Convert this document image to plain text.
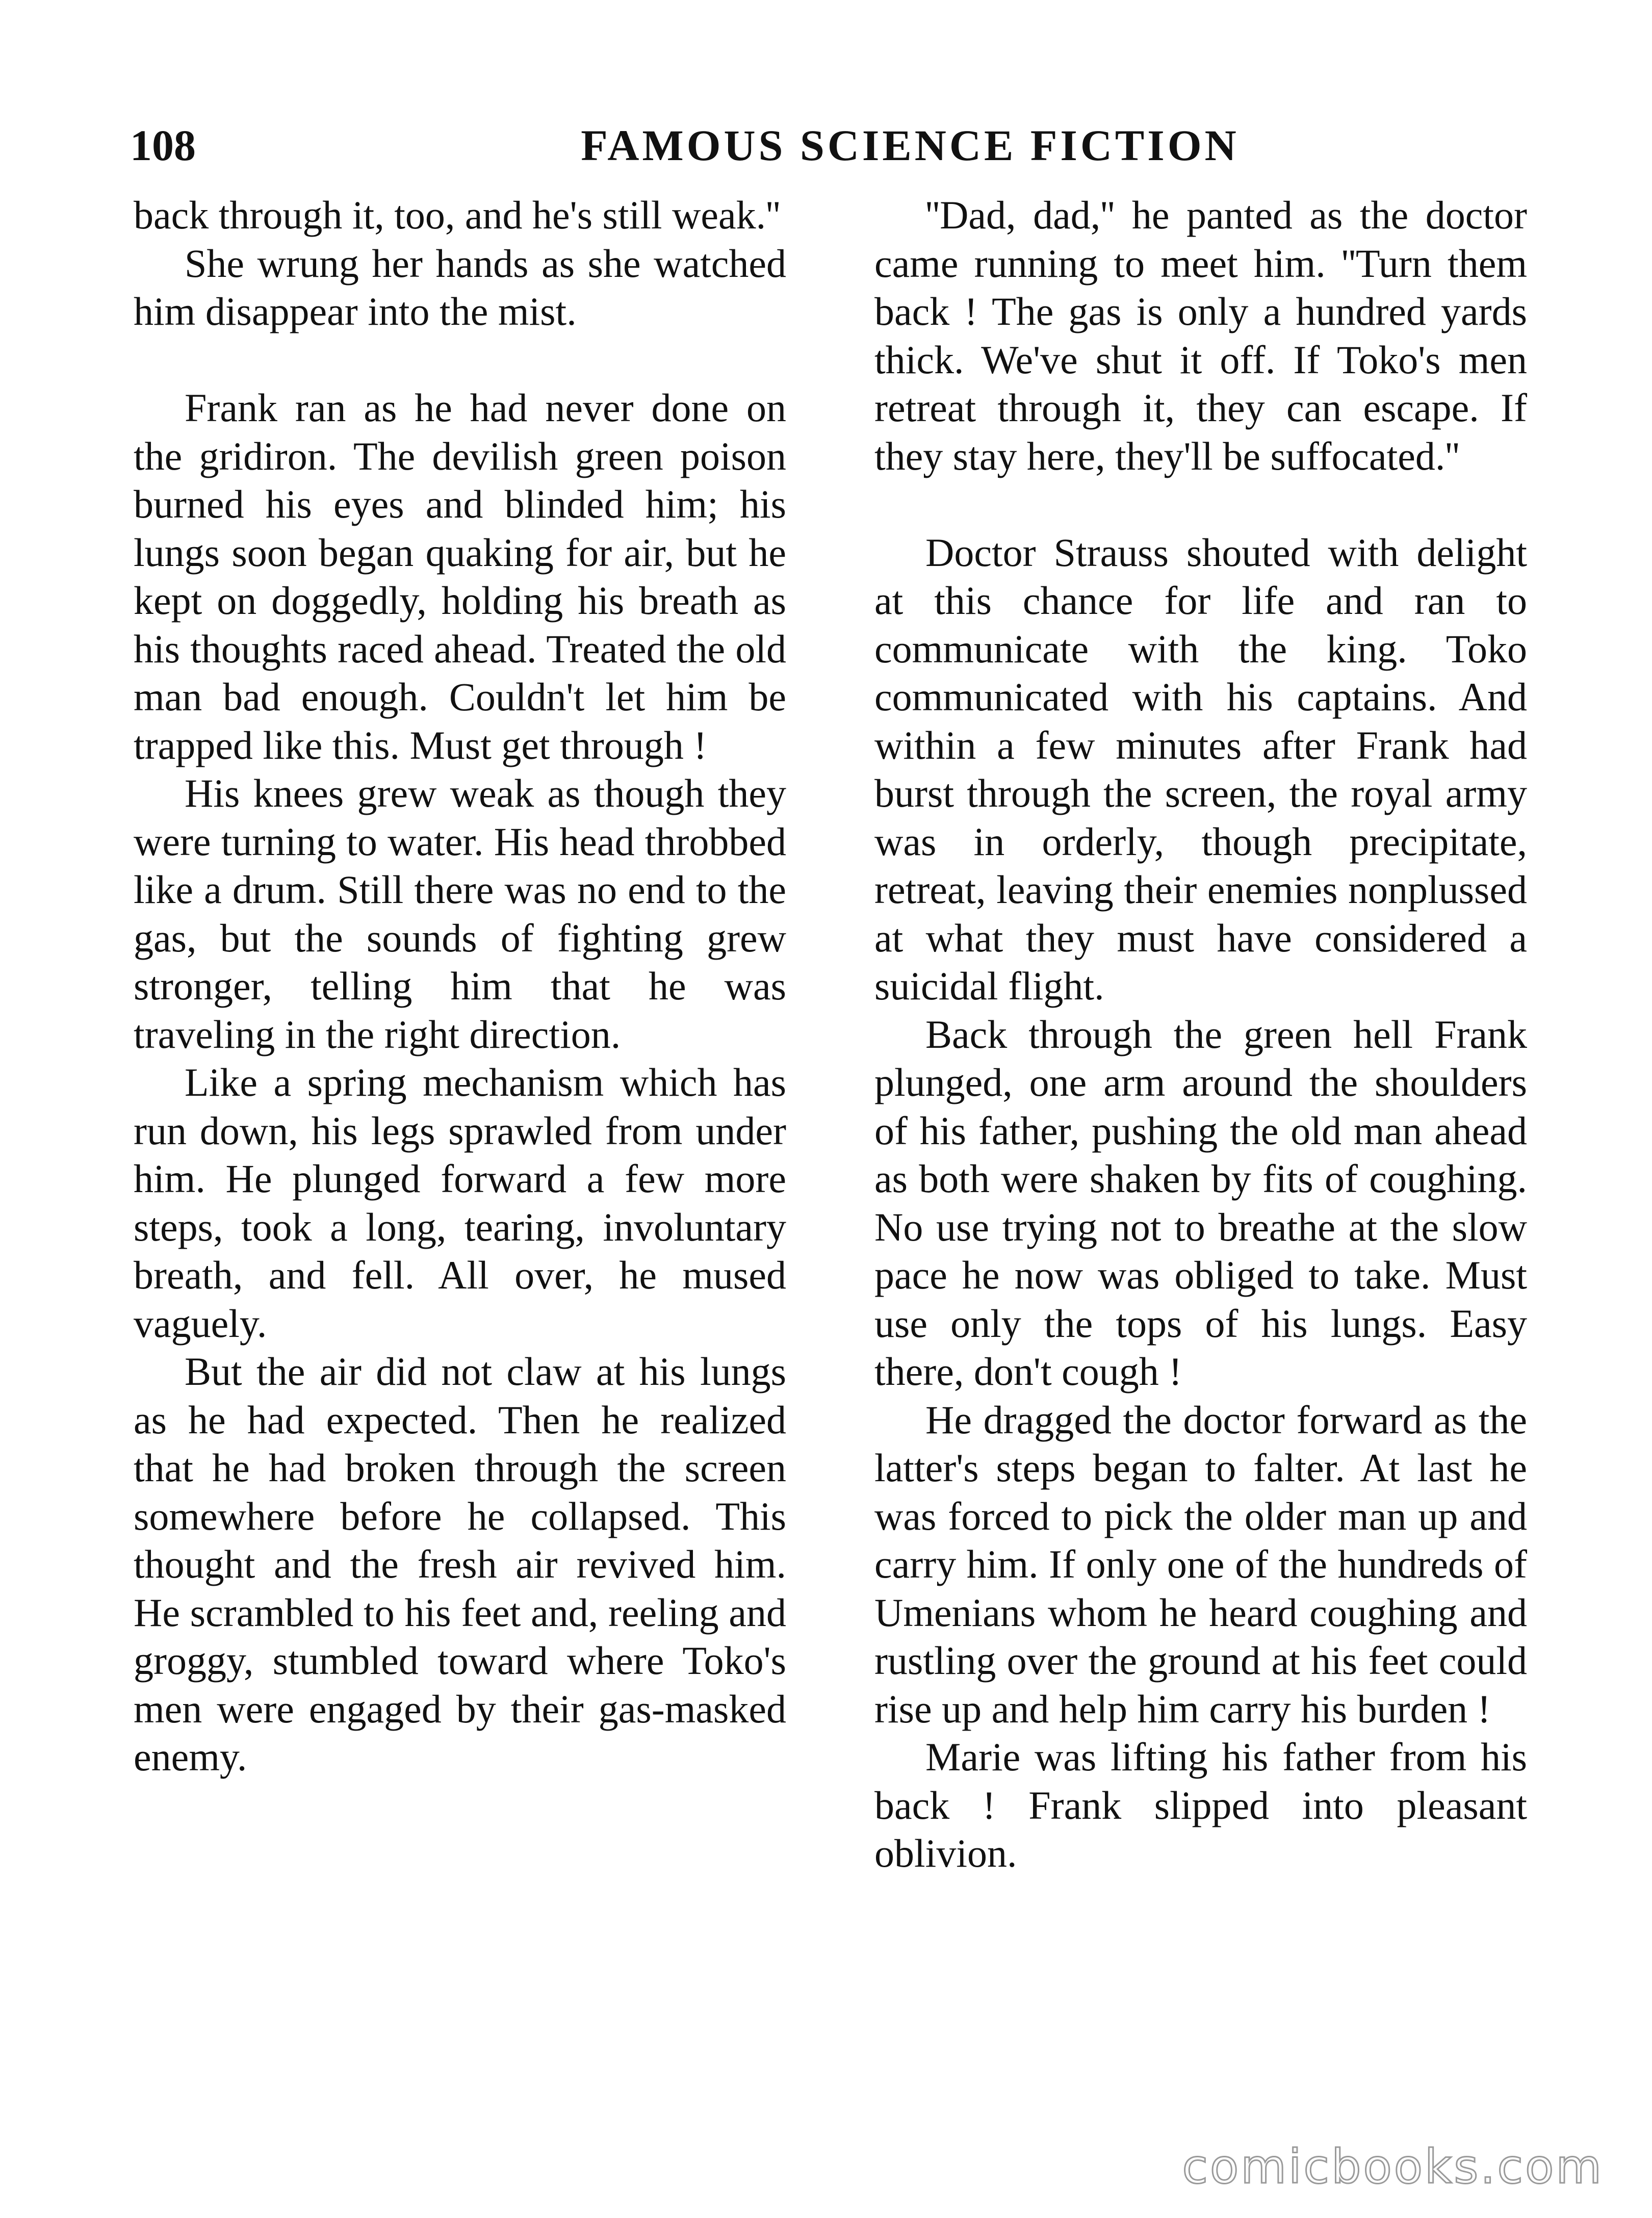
108	FAMOUS SCIENCE FICTION

back through it, too, and he's still weak.''

She wrung her hands as she watched him disappear into the mist.

Frank ran as he had never done on the gridiron. The devilish green poison burned his eyes and blinded him; his lungs soon began quaking for air, but he kept on doggedly, holding his breath as his thoughts raced ahead. Treated the old man bad enough. Couldn't let him be trapped like this. Must get through !

His knees grew weak as though they were turning to water. His head throbbed like a drum. Still there was no end to the gas, but the sounds of fighting grew stronger, telling him that he was traveling in the right direction.

Like a spring mechanism which has run down, his legs sprawled from under him. He plunged forward a few more steps, took a long, tearing, involuntary breath, and fell. All over, he mused vaguely.

But the air did not claw at his lungs as he had expected. Then he realized that he had broken through the screen somewhere before he collapsed. This thought and the fresh air revived him. He scrambled to his feet and, reeling and groggy, stumbled toward where Toko's men were engaged by their gas-masked enemy.

''Dad, dad,'' he panted as the doctor came running to meet him. ''Turn them back ! The gas is only a hundred yards thick. We've shut it off. If Toko's men retreat through it, they can escape. If they stay here, they'll be suffocated.''

Doctor Strauss shouted with delight at this chance for life and ran to communicate with the king. Toko communicated with his captains. And within a few minutes after Frank had burst through the screen, the royal army was in orderly, though precipitate, retreat, leaving their enemies nonplussed at what they must have considered a suicidal flight.

Back through the green hell Frank plunged, one arm around the shoulders of his father, pushing the old man ahead as both were shaken by fits of coughing. No use trying not to breathe at the slow pace he now was obliged to take. Must use only the tops of his lungs. Easy there, don't cough !

He dragged the doctor forward as the latter's steps began to falter. At last he was forced to pick the older man up and carry him. If only one of the hundreds of Umenians whom he heard coughing and rustling over the ground at his feet could rise up and help him carry his burden !

Marie was lifting his father from his back ! Frank slipped into pleasant oblivion.

comicbooks.com
